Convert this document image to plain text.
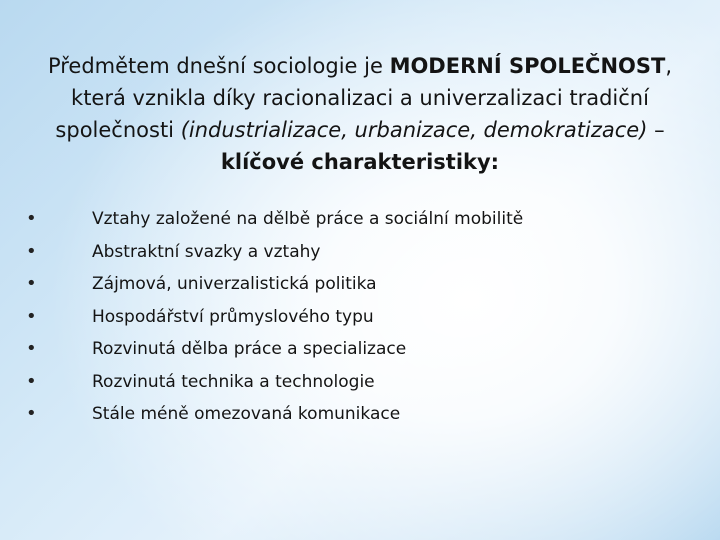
Předmětem dnešní sociologie je MODERNÍ SPOLEČNOST, která vznikla díky racionalizaci a univerzalizaci tradiční společnosti (industrializace, urbanizace, demokratizace) – klíčové charakteristiky:
•	Vztahy založené na dělbě práce a sociální mobilitě
•	Abstraktní svazky a vztahy
•	Zájmová, univerzalistická politika
•	Hospodářství průmyslového typu
•	Rozvinutá dělba práce a specializace
•	Rozvinutá technika a technologie
•	Stále méně omezovaná komunikace
